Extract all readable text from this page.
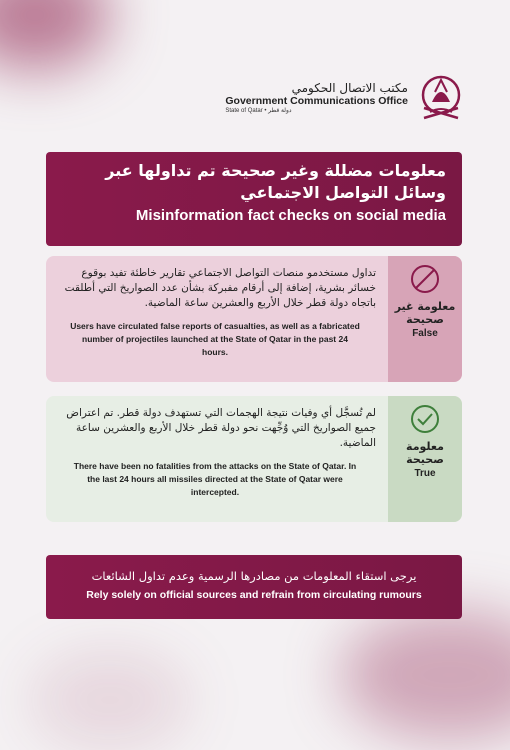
مكتب الاتصال الحكومي
Government Communications Office
State of Qatar • دولة قطر
معلومات مضللة وغير صحيحة تم تداولها عبر وسائل التواصل الاجتماعي
Misinformation fact checks on social media
تداول مستخدمو منصات التواصل الاجتماعي تقارير خاطئة تفيد بوقوع خسائر بشرية، إضافة إلى أرقام مفبركة بشأن عدد الصواريخ التي أطلقت باتجاه دولة قطر خلال الأربع والعشرين ساعة الماضية.
Users have circulated false reports of casualties, as well as a fabricated number of projectiles launched at the State of Qatar in the past 24 hours.
معلومة غير صحيحة
False
لم تُسجَّل أي وفيات نتيجة الهجمات التي تستهدف دولة قطر. تم اعتراض جميع الصواريخ التي وُجِّهت نحو دولة قطر خلال الأربع والعشرين ساعة الماضية.
There have been no fatalities from the attacks on the State of Qatar. In the last 24 hours all missiles directed at the State of Qatar were intercepted.
معلومة صحيحة
True
يرجى استقاء المعلومات من مصادرها الرسمية وعدم تداول الشائعات
Rely solely on official sources and refrain from circulating rumours
